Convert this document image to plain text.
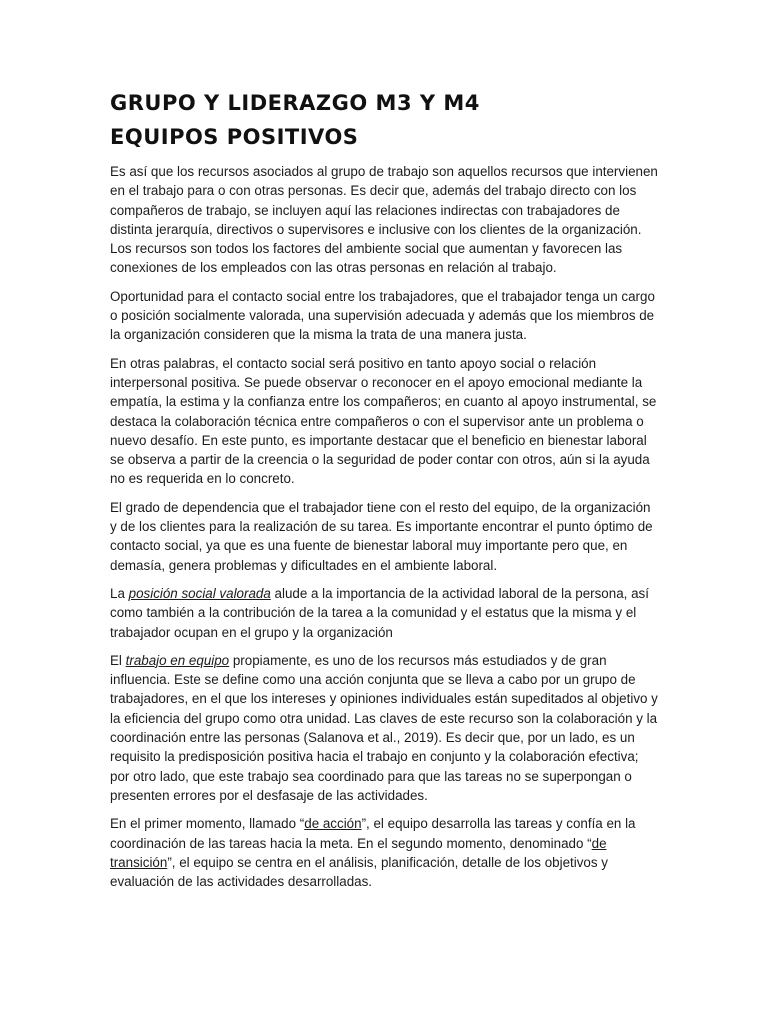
GRUPO Y LIDERAZGO M3 Y M4
EQUIPOS POSITIVOS

Es así que los recursos asociados al grupo de trabajo son aquellos recursos que intervienen en el trabajo para o con otras personas. Es decir que, además del trabajo directo con los compañeros de trabajo, se incluyen aquí las relaciones indirectas con trabajadores de distinta jerarquía, directivos o supervisores e inclusive con los clientes de la organización. Los recursos son todos los factores del ambiente social que aumentan y favorecen las conexiones de los empleados con las otras personas en relación al trabajo.

Oportunidad para el contacto social entre los trabajadores, que el trabajador tenga un cargo o posición socialmente valorada, una supervisión adecuada y además que los miembros de la organización consideren que la misma la trata de una manera justa.

En otras palabras, el contacto social será positivo en tanto apoyo social o relación interpersonal positiva. Se puede observar o reconocer en el apoyo emocional mediante la empatía, la estima y la confianza entre los compañeros; en cuanto al apoyo instrumental, se destaca la colaboración técnica entre compañeros o con el supervisor ante un problema o nuevo desafío. En este punto, es importante destacar que el beneficio en bienestar laboral se observa a partir de la creencia o la seguridad de poder contar con otros, aún si la ayuda no es requerida en lo concreto.

El grado de dependencia que el trabajador tiene con el resto del equipo, de la organización y de los clientes para la realización de su tarea. Es importante encontrar el punto óptimo de contacto social, ya que es una fuente de bienestar laboral muy importante pero que, en demasía, genera problemas y dificultades en el ambiente laboral.

La posición social valorada alude a la importancia de la actividad laboral de la persona, así como también a la contribución de la tarea a la comunidad y el estatus que la misma y el trabajador ocupan en el grupo y la organización

El trabajo en equipo propiamente, es uno de los recursos más estudiados y de gran influencia. Este se define como una acción conjunta que se lleva a cabo por un grupo de trabajadores, en el que los intereses y opiniones individuales están supeditados al objetivo y la eficiencia del grupo como otra unidad. Las claves de este recurso son la colaboración y la coordinación entre las personas (Salanova et al., 2019). Es decir que, por un lado, es un requisito la predisposición positiva hacia el trabajo en conjunto y la colaboración efectiva; por otro lado, que este trabajo sea coordinado para que las tareas no se superpongan o presenten errores por el desfasaje de las actividades.

En el primer momento, llamado “de acción”, el equipo desarrolla las tareas y confía en la coordinación de las tareas hacia la meta. En el segundo momento, denominado “de transición”, el equipo se centra en el análisis, planificación, detalle de los objetivos y evaluación de las actividades desarrolladas.
